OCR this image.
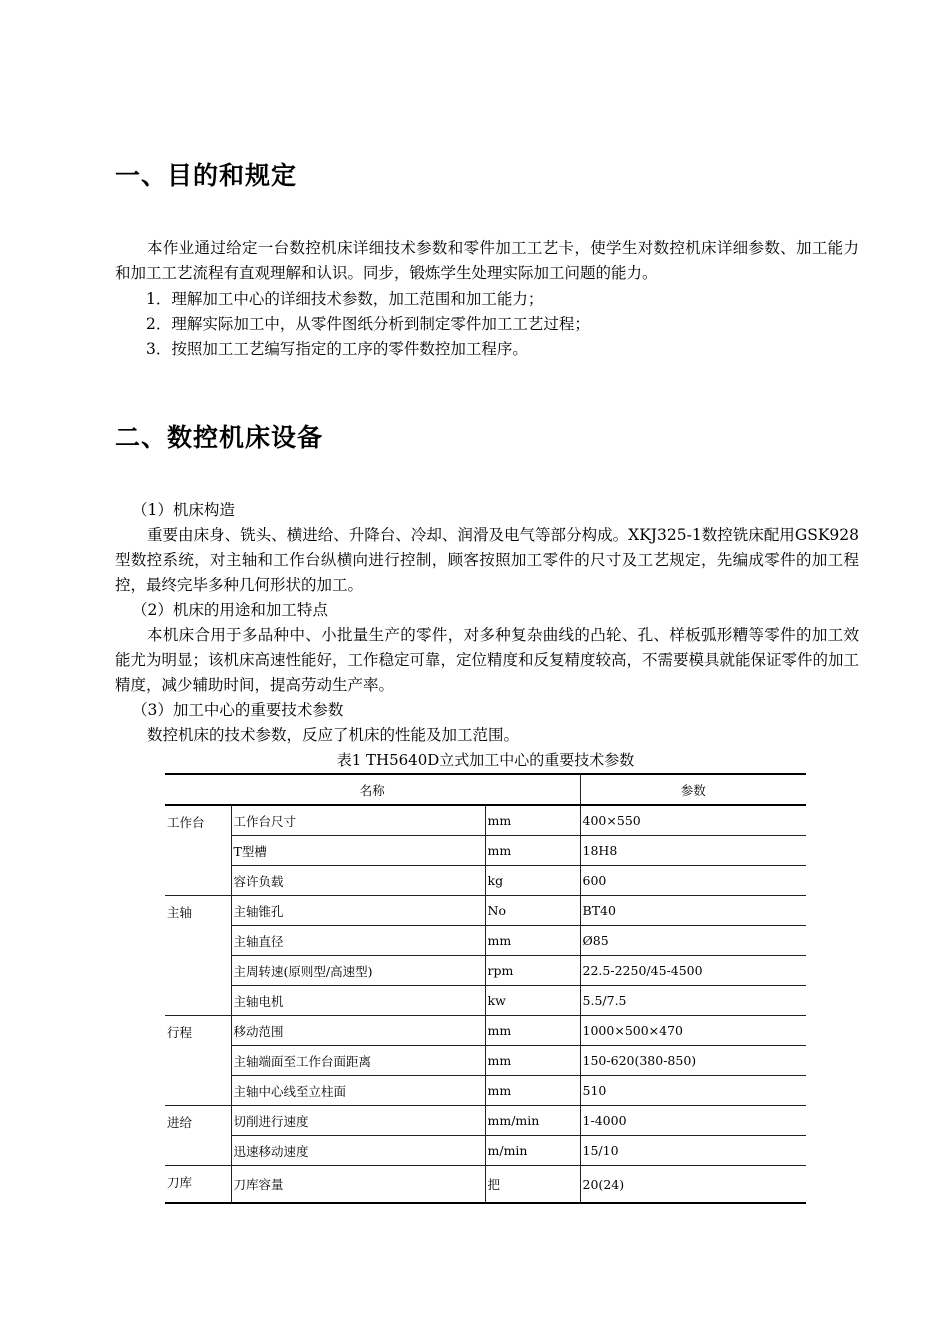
一、目的和规定

本作业通过给定一台数控机床详细技术参数和零件加工工艺卡，使学生对数控机床详细参数、加工能力和加工工艺流程有直观理解和认识。同步，锻炼学生处理实际加工问题的能力。

1．理解加工中心的详细技术参数，加工范围和加工能力；

2．理解实际加工中，从零件图纸分析到制定零件加工工艺过程；

3．按照加工工艺编写指定的工序的零件数控加工程序。

二、数控机床设备

（1）机床构造

重要由床身、铣头、横进给、升降台、冷却、润滑及电气等部分构成。XKJ325-1数控铣床配用GSK928型数控系统，对主轴和工作台纵横向进行控制，顾客按照加工零件的尺寸及工艺规定，先编成零件的加工程控，最终完毕多种几何形状的加工。

（2）机床的用途和加工特点

本机床合用于多品种中、小批量生产的零件，对多种复杂曲线的凸轮、孔、样板弧形糟等零件的加工效能尤为明显；该机床高速性能好，工作稳定可靠，定位精度和反复精度较高，不需要模具就能保证零件的加工精度，减少辅助时间，提高劳动生产率。

（3）加工中心的重要技术参数

数控机床的技术参数，反应了机床的性能及加工范围。

表1 TH5640D立式加工中心的重要技术参数

名称			参数
工作台	工作台尺寸	mm	400×550
	T型槽	mm	18H8
	容许负载	kg	600
主轴	主轴锥孔	No	BT40
	主轴直径	mm	Ø85
	主周转速(原则型/高速型)	rpm	22.5-2250/45-4500
	主轴电机	kw	5.5/7.5
行程	移动范围	mm	1000×500×470
	主轴端面至工作台面距离	mm	150-620(380-850)
	主轴中心线至立柱面	mm	510
进给	切削进行速度	mm/min	1-4000
	迅速移动速度	m/min	15/10
刀库	刀库容量	把	20(24)
